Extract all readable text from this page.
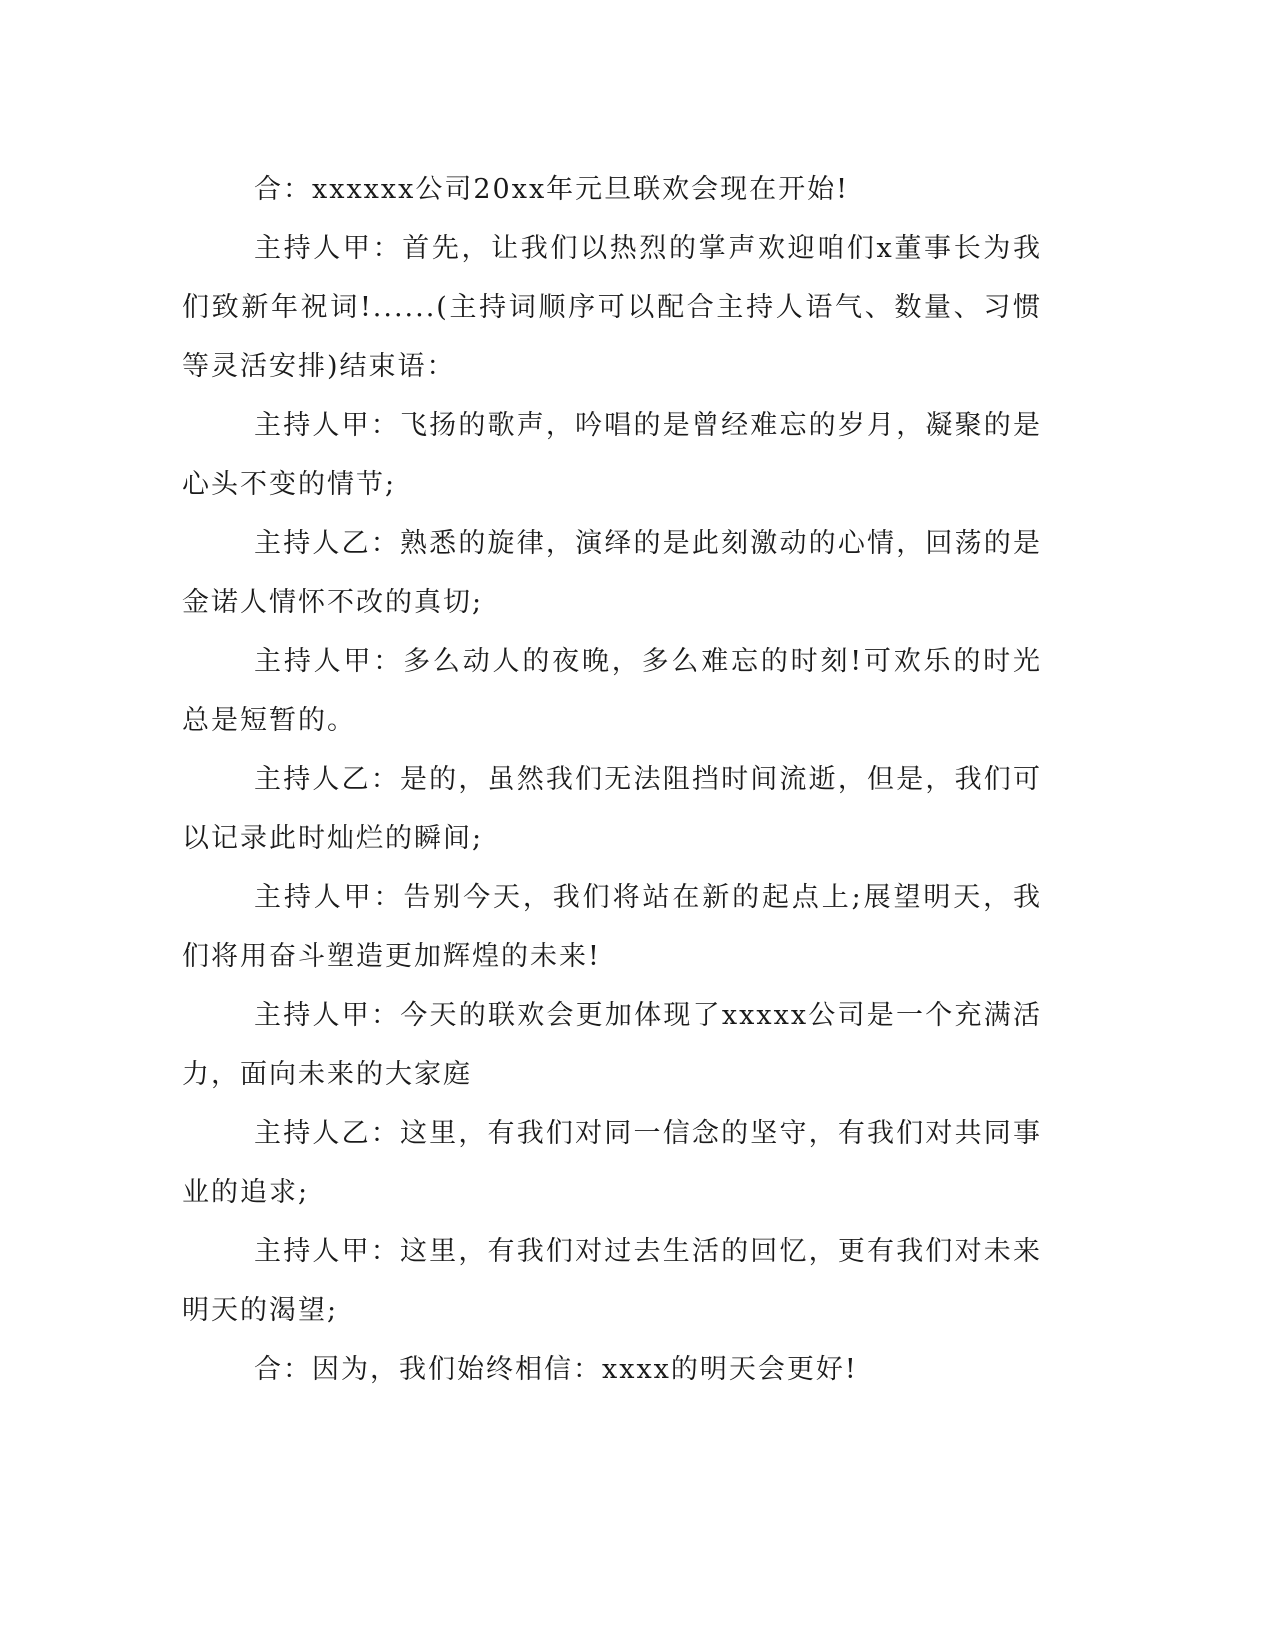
合：xxxxxx公司20xx年元旦联欢会现在开始!

主持人甲：首先，让我们以热烈的掌声欢迎咱们x董事长为我们致新年祝词!......(主持词顺序可以配合主持人语气、数量、习惯等灵活安排)结束语：

主持人甲：飞扬的歌声，吟唱的是曾经难忘的岁月，凝聚的是心头不变的情节;

主持人乙：熟悉的旋律，演绎的是此刻激动的心情，回荡的是金诺人情怀不改的真切;

主持人甲：多么动人的夜晚，多么难忘的时刻!可欢乐的时光总是短暂的。

主持人乙：是的，虽然我们无法阻挡时间流逝，但是，我们可以记录此时灿烂的瞬间;

主持人甲：告别今天，我们将站在新的起点上;展望明天，我们将用奋斗塑造更加辉煌的未来!

主持人甲：今天的联欢会更加体现了xxxxx公司是一个充满活力，面向未来的大家庭

主持人乙：这里，有我们对同一信念的坚守，有我们对共同事业的追求;

主持人甲：这里，有我们对过去生活的回忆，更有我们对未来明天的渴望;

合：因为，我们始终相信：xxxx的明天会更好!
